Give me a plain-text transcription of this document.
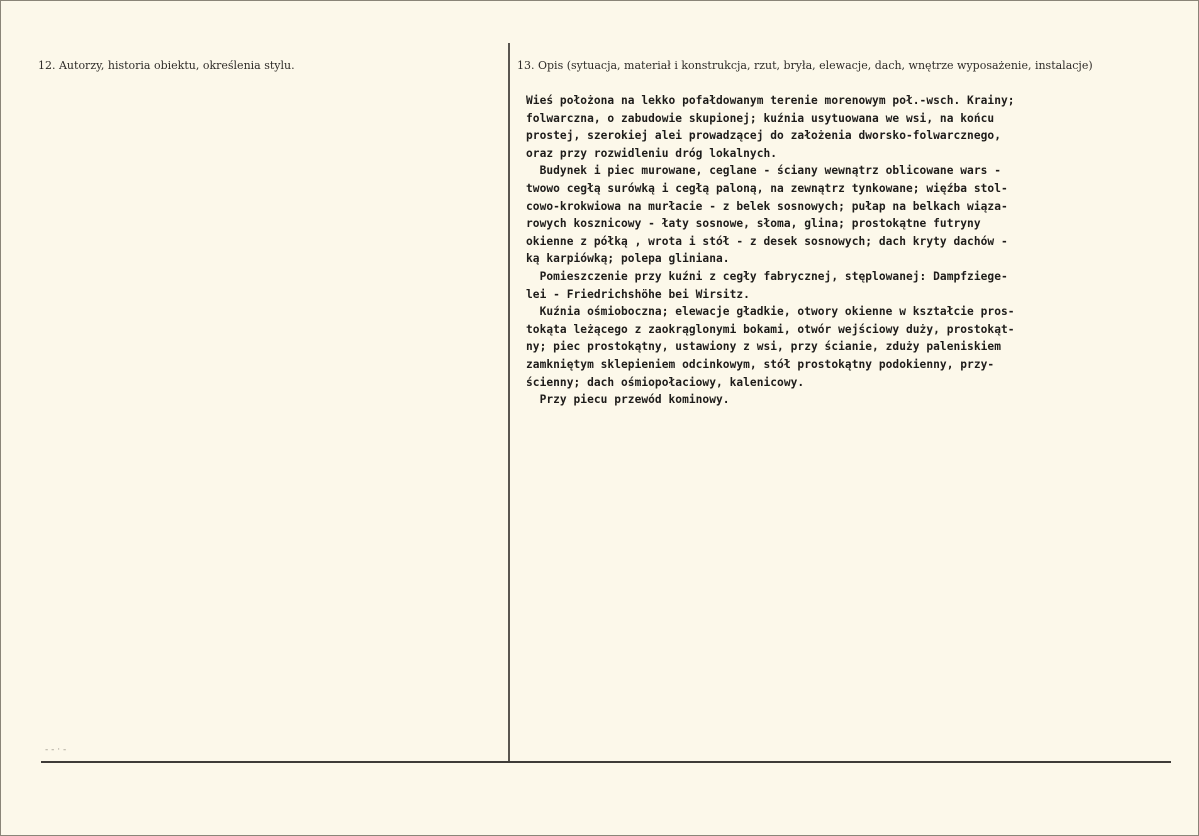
12. Autorzy, historia obiektu, określenia stylu.	13. Opis (sytuacja, materiał i konstrukcja, rzut, bryła, elewacje, dach, wnętrze wyposażenie, instalacje)
Wieś położona na lekko pofałdowanym terenie morenowym poł.-wsch. Krainy;
folwarczna, o zabudowie skupionej; kuźnia usytuowana we wsi, na końcu
prostej, szerokiej alei prowadzącej do założenia dworsko-folwarcznego,
oraz przy rozwidleniu dróg lokalnych.
Budynek i piec murowane, ceglane - ściany wewnątrz oblicowane wars -
twowo cegłą surówką i cegłą paloną, na zewnątrz tynkowane; więźba stol-
cowo-krokwiowa na murłacie - z belek sosnowych; pułap na belkach wiąza-
rowych kosznicowy - łaty sosnowe, słoma, glina; prostokątne futryny
okienne z półką , wrota i stół - z desek sosnowych; dach kryty dachów -
ką karpiówką; polepa gliniana.
Pomieszczenie przy kuźni z cegły fabrycznej, stęplowanej: Dampfziege-
lei - Friedrichshöhe bei Wirsitz.
Kuźnia ośmioboczna; elewacje gładkie, otwory okienne w kształcie pros-
tokąta leżącego z zaokrąglonymi bokami, otwór wejściowy duży, prostokąt-
ny; piec prostokątny, ustawiony z wsi, przy ścianie, zduży paleniskiem
zamkniętym sklepieniem odcinkowym, stół prostokątny podokienny, przy-
ścienny; dach ośmiopołaciowy, kalenicowy.
Przy piecu przewód kominowy.
- - · -
